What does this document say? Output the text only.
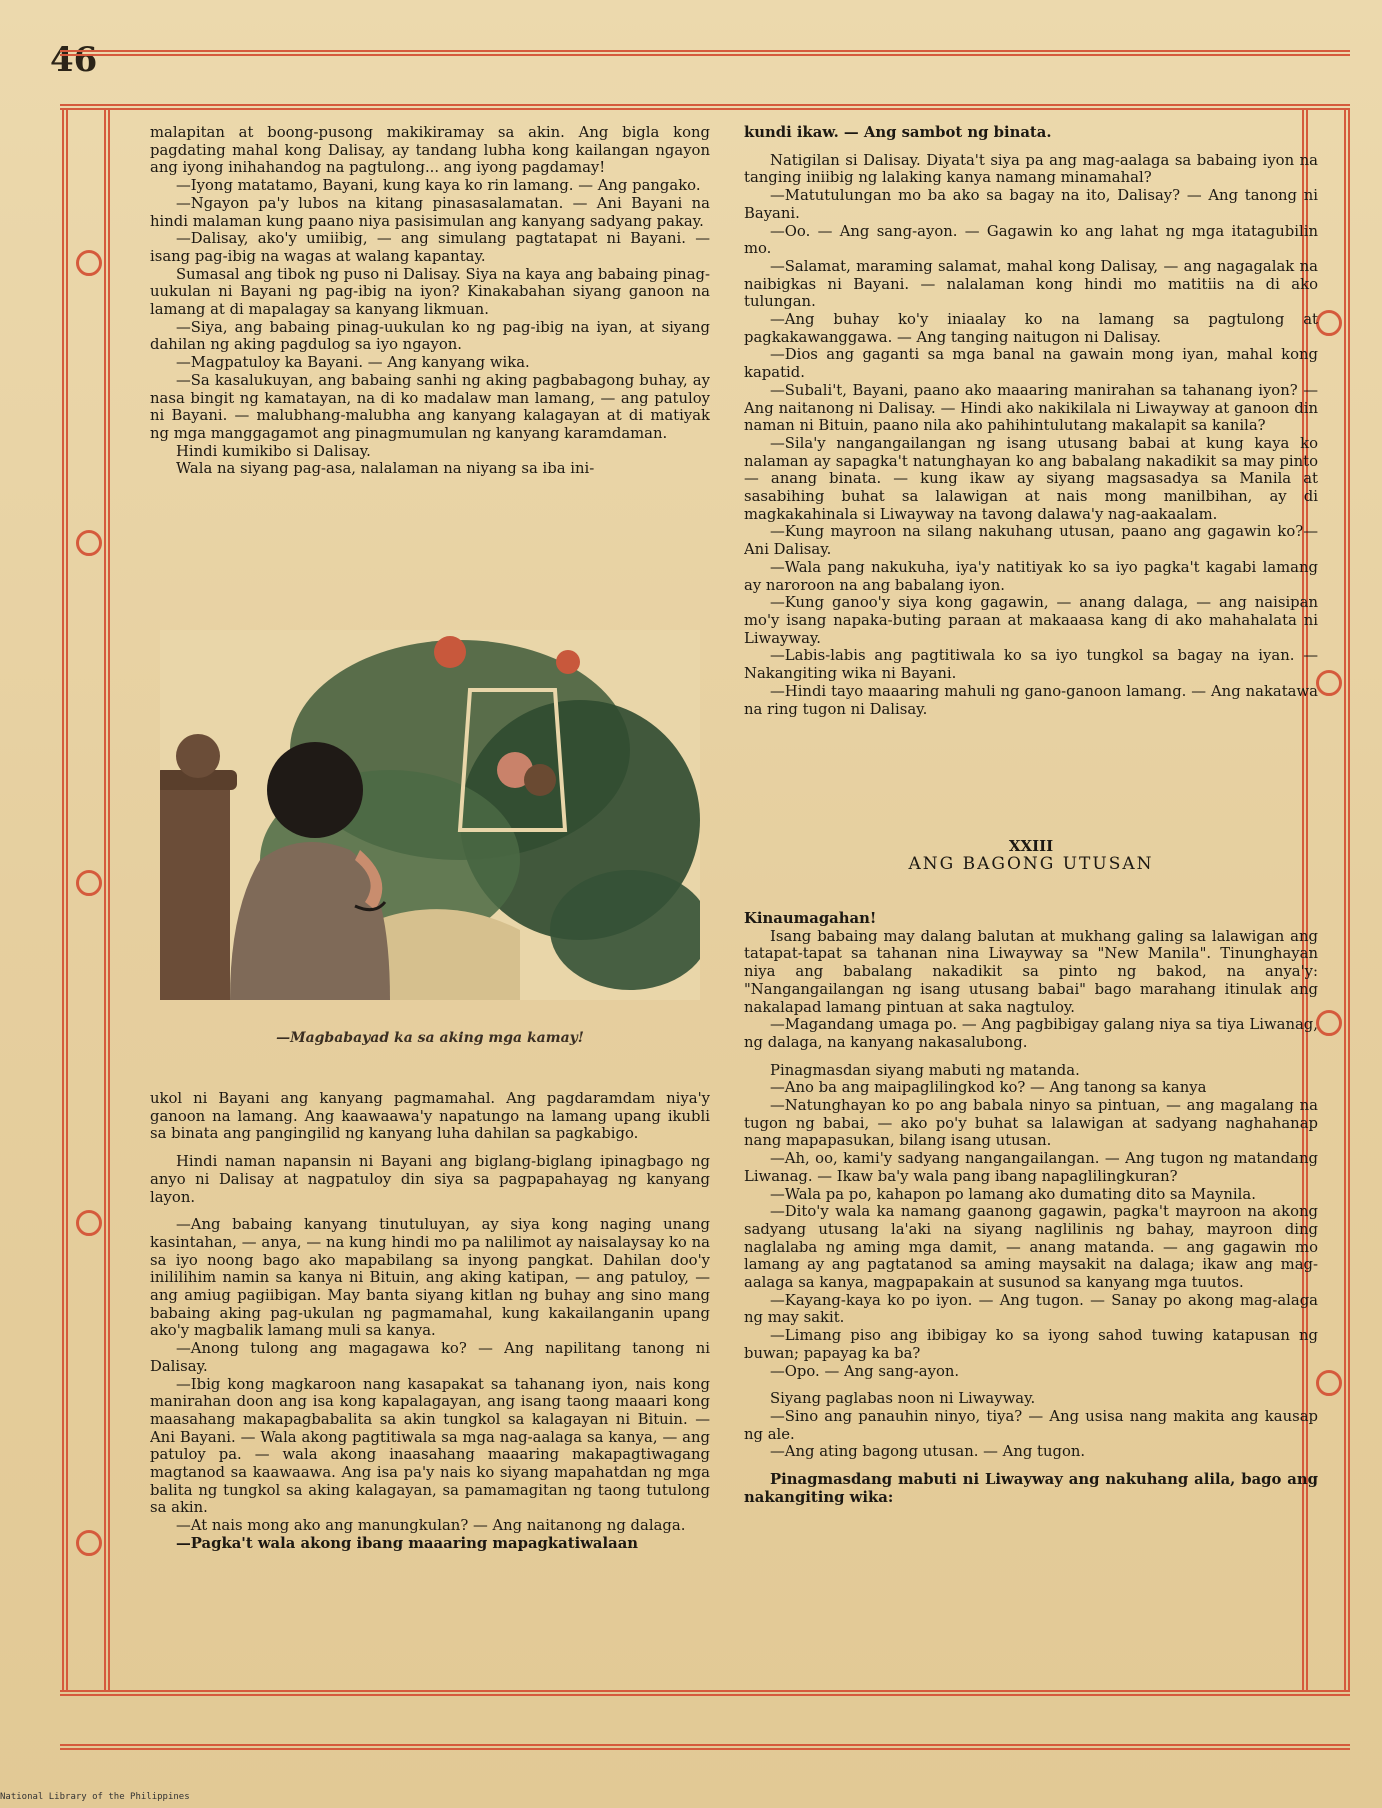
46

malapitan at boong-pusong makikiramay sa akin. Ang bigla kong pagdating mahal kong Dalisay, ay tandang lubha kong kailangan ngayon ang iyong inihahandog na pagtulong... ang iyong pagdamay!

—Iyong matatamo, Bayani, kung kaya ko rin lamang. — Ang pangako.

—Ngayon pa'y lubos na kitang pinasasalamatan. — Ani Bayani na hindi malaman kung paano niya pasisimulan ang kanyang sadyang pakay.

—Dalisay, ako'y umiibig, — ang simulang pagtatapat ni Bayani. — isang pag-ibig na wagas at walang kapantay.

Sumasal ang tibok ng puso ni Dalisay. Siya na kaya ang babaing pinag-uukulan ni Bayani ng pag-ibig na iyon? Kinakabahan siyang ganoon na lamang at di mapalagay sa kanyang likmuan.

—Siya, ang babaing pinag-uukulan ko ng pag-ibig na iyan, at siyang dahilan ng aking pagdulog sa iyo ngayon.

—Magpatuloy ka Bayani. — Ang kanyang wika.

—Sa kasalukuyan, ang babaing sanhi ng aking pagbabagong buhay, ay nasa bingit ng kamatayan, na di ko madalaw man lamang, — ang patuloy ni Bayani. — malubhang-malubha ang kanyang kalagayan at di matiyak ng mga manggagamot ang pinagmumulan ng kanyang karamdaman.

Hindi kumikibo si Dalisay.

Wala na siyang pag-asa, nalalaman na niyang sa iba ini-

—Magbabayad ka sa aking mga kamay!

ukol ni Bayani ang kanyang pagmamahal. Ang pagdaramdam niya'y ganoon na lamang. Ang kaawaawa'y napatungo na lamang upang ikubli sa binata ang pangingilid ng kanyang luha dahilan sa pagkabigo.

Hindi naman napansin ni Bayani ang biglang-biglang ipinagbago ng anyo ni Dalisay at nagpatuloy din siya sa pagpapahayag ng kanyang layon.

—Ang babaing kanyang tinutuluyan, ay siya kong naging unang kasintahan, — anya, — na kung hindi mo pa nalilimot ay naisalaysay ko na sa iyo noong bago ako mapabilang sa inyong pangkat. Dahilan doo'y inililihim namin sa kanya ni Bituin, ang aking katipan, — ang patuloy, — ang amiug pagiibigan. May banta siyang kitlan ng buhay ang sino mang babaing aking pag-ukulan ng pagmamahal, kung kakailanganin upang ako'y magbalik lamang muli sa kanya.

—Anong tulong ang magagawa ko? — Ang napilitang tanong ni Dalisay.

—Ibig kong magkaroon nang kasapakat sa tahanang iyon, nais kong manirahan doon ang isa kong kapalagayan, ang isang taong maaari kong maasahang makapagbabalita sa akin tungkol sa kalagayan ni Bituin. — Ani Bayani. — Wala akong pagtitiwala sa mga nag-aalaga sa kanya, — ang patuloy pa. — wala akong inaasahang maaaring makapagtiwagang magtanod sa kaawaawa. Ang isa pa'y nais ko siyang mapahatdan ng mga balita ng tungkol sa aking kalagayan, sa pamamagitan ng taong tutulong sa akin.

—At nais mong ako ang manungkulan? — Ang naitanong ng dalaga.

—Pagka't wala akong ibang maaaring mapagkatiwalaan

kundi ikaw. — Ang sambot ng binata.

Natigilan si Dalisay. Diyata't siya pa ang mag-aalaga sa babaing iyon na tanging iniibig ng lalaking kanya namang minamahal?

—Matutulungan mo ba ako sa bagay na ito, Dalisay? — Ang tanong ni Bayani.

—Oo. — Ang sang-ayon. — Gagawin ko ang lahat ng mga itatagubilin mo.

—Salamat, maraming salamat, mahal kong Dalisay, — ang nagagalak na naibigkas ni Bayani. — nalalaman kong hindi mo matitiis na di ako tulungan.

—Ang buhay ko'y iniaalay ko na lamang sa pagtulong at pagkakawanggawa. — Ang tanging naitugon ni Dalisay.

—Dios ang gaganti sa mga banal na gawain mong iyan, mahal kong kapatid.

—Subali't, Bayani, paano ako maaaring manirahan sa tahanang iyon? — Ang naitanong ni Dalisay. — Hindi ako nakikilala ni Liwayway at ganoon din naman ni Bituin, paano nila ako pahihintulutang makalapit sa kanila?

—Sila'y nangangailangan ng isang utusang babai at kung kaya ko nalaman ay sapagka't natunghayan ko ang babalang nakadikit sa may pinto — anang binata. — kung ikaw ay siyang magsasadya sa Manila at sasabihing buhat sa lalawigan at nais mong manilbihan, ay di magkakahinala si Liwayway na tavong dalawa'y nag-aakaalam.

—Kung mayroon na silang nakuhang utusan, paano ang gagawin ko?—Ani Dalisay.

—Wala pang nakukuha, iya'y natitiyak ko sa iyo pagka't kagabi lamang ay naroroon na ang babalang iyon.

—Kung ganoo'y siya kong gagawin, — anang dalaga, — ang naisipan mo'y isang napaka-buting paraan at makaaasa kang di ako mahahalata ni Liwayway.

—Labis-labis ang pagtitiwala ko sa iyo tungkol sa bagay na iyan. — Nakangiting wika ni Bayani.

—Hindi tayo maaaring mahuli ng gano-ganoon lamang. — Ang nakatawa na ring tugon ni Dalisay.

XXIII

ANG BAGONG UTUSAN

Kinaumagahan!

Isang babaing may dalang balutan at mukhang galing sa lalawigan ang tatapat-tapat sa tahanan nina Liwayway sa "New Manila". Tinunghayan niya ang babalang nakadikit sa pinto ng bakod, na anya'y: "Nangangailangan ng isang utusang babai" bago marahang itinulak ang nakalapad lamang pintuan at saka nagtuloy.

—Magandang umaga po. — Ang pagbibigay galang niya sa tiya Liwanag, ng dalaga, na kanyang nakasalubong.

Pinagmasdan siyang mabuti ng matanda.

—Ano ba ang maipaglilingkod ko? — Ang tanong sa kanya

—Natunghayan ko po ang babala ninyo sa pintuan, — ang magalang na tugon ng babai, — ako po'y buhat sa lalawigan at sadyang naghahanap nang mapapasukan, bilang isang utusan.

—Ah, oo, kami'y sadyang nangangailangan. — Ang tugon ng matandang Liwanag. — Ikaw ba'y wala pang ibang napaglilingkuran?

—Wala pa po, kahapon po lamang ako dumating dito sa Maynila.

—Dito'y wala ka namang gaanong gagawin, pagka't mayroon na akong sadyang utusang la'aki na siyang naglilinis ng bahay, mayroon ding naglalaba ng aming mga damit, — anang matanda. — ang gagawin mo lamang ay ang pagtatanod sa aming maysakit na dalaga; ikaw ang mag-aalaga sa kanya, magpapakain at susunod sa kanyang mga tuutos.

—Kayang-kaya ko po iyon. — Ang tugon. — Sanay po akong mag-alaga ng may sakit.

—Limang piso ang ibibigay ko sa iyong sahod tuwing katapusan ng buwan; papayag ka ba?

—Opo. — Ang sang-ayon.

Siyang paglabas noon ni Liwayway.

—Sino ang panauhin ninyo, tiya? — Ang usisa nang makita ang kausap ng ale.

—Ang ating bagong utusan. — Ang tugon.

Pinagmasdang mabuti ni Liwayway ang nakuhang alila, bago ang nakangiting wika:

National Library of the Philippines
